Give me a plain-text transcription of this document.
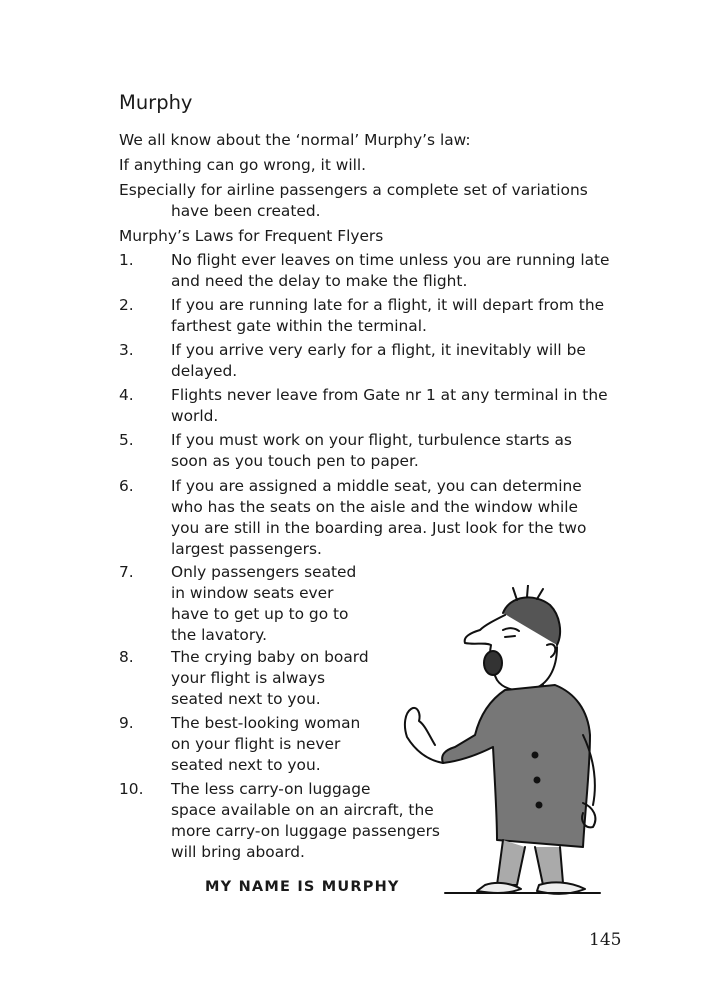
Murphy

We all know about the ‘normal’ Murphy’s law:

If anything can go wrong, it will.

Especially for airline passengers a complete set of variations have been created.

Murphy’s Laws for Frequent Flyers

1.	No flight ever leaves on time unless you are running late
and need the delay to make the flight.
2.	If you are running late for a flight, it will depart from the
farthest gate within the terminal.
3.	If you arrive very early for a flight, it inevitably will be
delayed.
4.	Flights never leave from Gate nr 1 at any terminal in the
world.
5.	If you must work on your flight, turbulence starts as
soon as you touch pen to paper.
6.	If you are assigned a middle seat, you can determine
who has the seats on the aisle and the window while
you are still in the boarding area. Just look for the two
largest passengers.
7.	Only passengers seated
in window seats ever
have to get up to go to
the lavatory.
8.	The crying baby on board
your flight is always
seated next to you.
9.	The best-looking woman
on your flight is never
seated next to you.
10.	The less carry-on luggage
space available on an aircraft, the
more carry-on luggage passengers
will bring aboard.
MY NAME IS MURPHY
145
